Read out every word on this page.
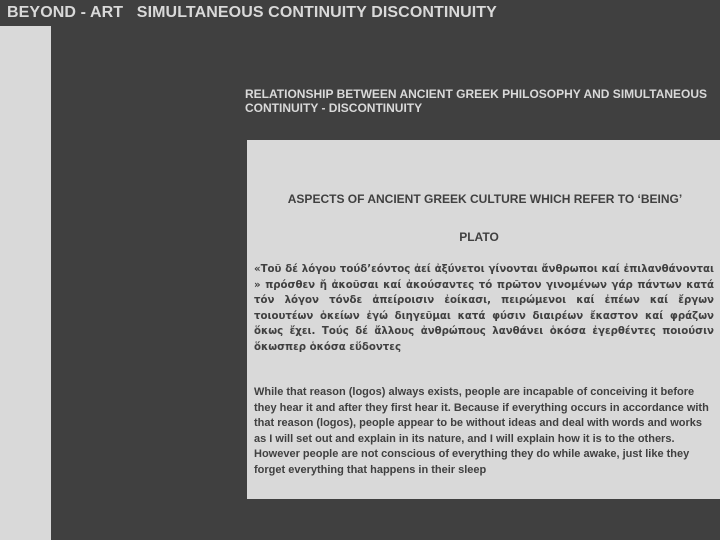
BEYOND - ART   SIMULTANEOUS CONTINUITY DISCONTINUITY
RELATIONSHIP BETWEEN ANCIENT GREEK PHILOSOPHY AND SIMULTANEOUS CONTINUITY - DISCONTINUITY
ASPECTS OF ANCIENT GREEK CULTURE WHICH REFER TO ‘BEING’
PLATO
«Τοῦ δέ λόγου τούδ’εόντος ἀεί ἀξύνετοι γίνονται ἄνθρωποι καί ἐπιλανθάνονται » πρόσθεν ἤ ἀκοῦσαι καί ἀκούσαντες τό πρῶτον γινομένων γάρ πάντων κατά τόν λόγον τόνδε ἀπείροισιν ἐοίκασι, πειρώμενοι καί ἐπέων καί ἔργων τοιουτέων ὁκείων ἐγώ διηγεῦμαι κατά φύσιν διαιρέων ἔκαστον καί φράζων ὅκως ἔχει. Τούς δέ ἄλλους ἀνθρώπους λανθάνει ὁκόσα ἐγερθέντες ποιούσιν ὅκωσπερ ὁκόσα εὕδοντες
While that reason (logos) always exists, people are incapable of conceiving it before they hear it and after they first hear it. Because if everything occurs in accordance with that reason (logos), people appear to be without ideas and deal with words and works as I will set out and explain in its nature, and I will explain how it is to the others. However people are not conscious of everything they do while awake, just like they forget everything that happens in their sleep
